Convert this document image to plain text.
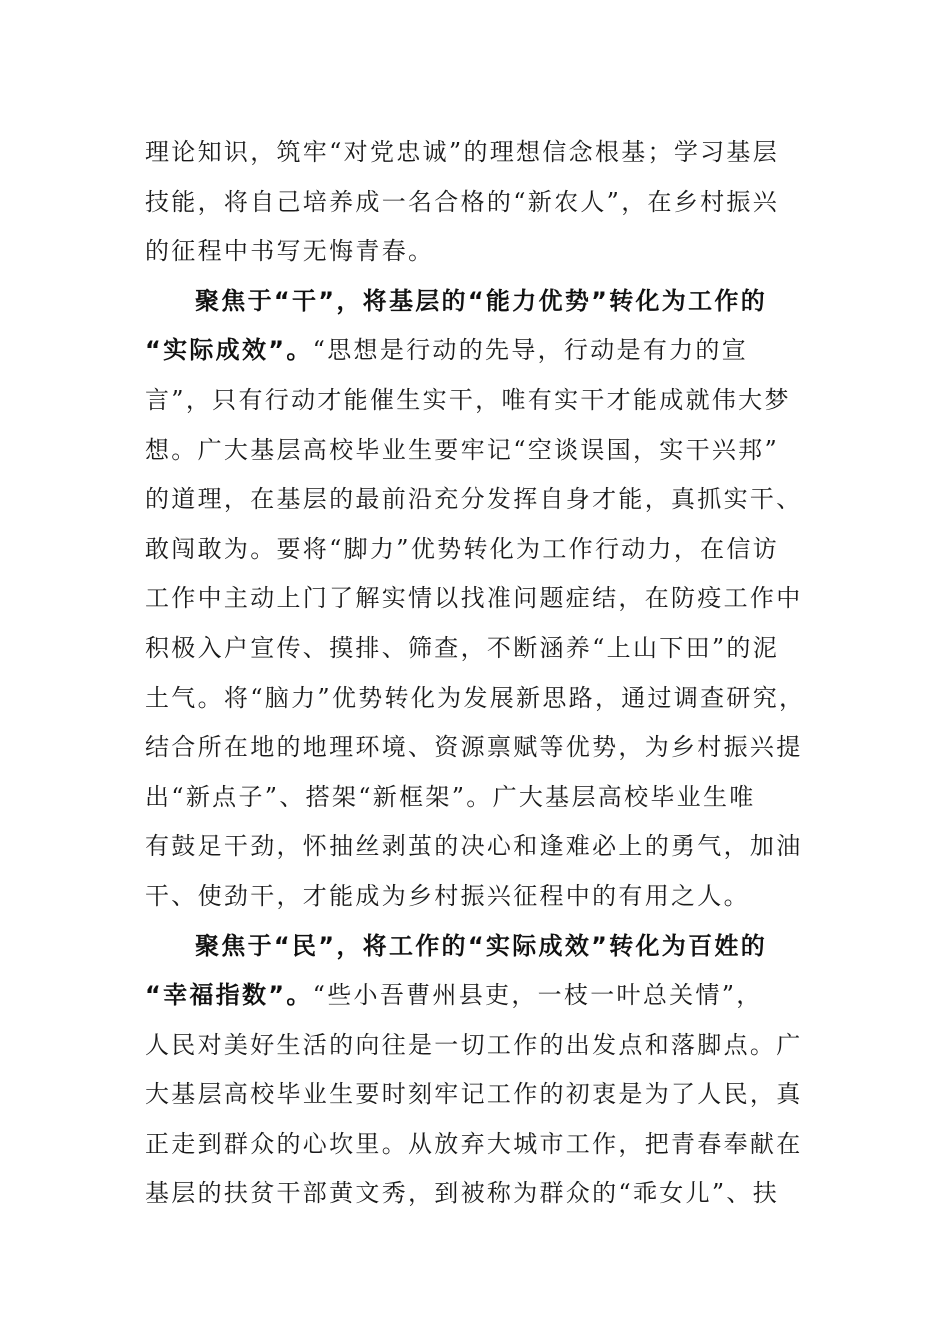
理论知识，筑牢“对党忠诚”的理想信念根基；学习基层
技能，将自己培养成一名合格的“新农人”，在乡村振兴
的征程中书写无悔青春。
聚焦于“干”，将基层的“能力优势”转化为工作的
“实际成效”。“思想是行动的先导，行动是有力的宣
言”，只有行动才能催生实干，唯有实干才能成就伟大梦
想。广大基层高校毕业生要牢记“空谈误国，实干兴邦”
的道理，在基层的最前沿充分发挥自身才能，真抓实干、
敢闯敢为。要将“脚力”优势转化为工作行动力，在信访
工作中主动上门了解实情以找准问题症结，在防疫工作中
积极入户宣传、摸排、筛查，不断涵养“上山下田”的泥
土气。将“脑力”优势转化为发展新思路，通过调查研究，
结合所在地的地理环境、资源禀赋等优势，为乡村振兴提
出“新点子”、搭架“新框架”。广大基层高校毕业生唯
有鼓足干劲，怀抽丝剥茧的决心和逢难必上的勇气，加油
干、使劲干，才能成为乡村振兴征程中的有用之人。
聚焦于“民”，将工作的“实际成效”转化为百姓的
“幸福指数”。“些小吾曹州县吏，一枝一叶总关情”，
人民对美好生活的向往是一切工作的出发点和落脚点。广
大基层高校毕业生要时刻牢记工作的初衷是为了人民，真
正走到群众的心坎里。从放弃大城市工作，把青春奉献在
基层的扶贫干部黄文秀，到被称为群众的“乖女儿”、扶
